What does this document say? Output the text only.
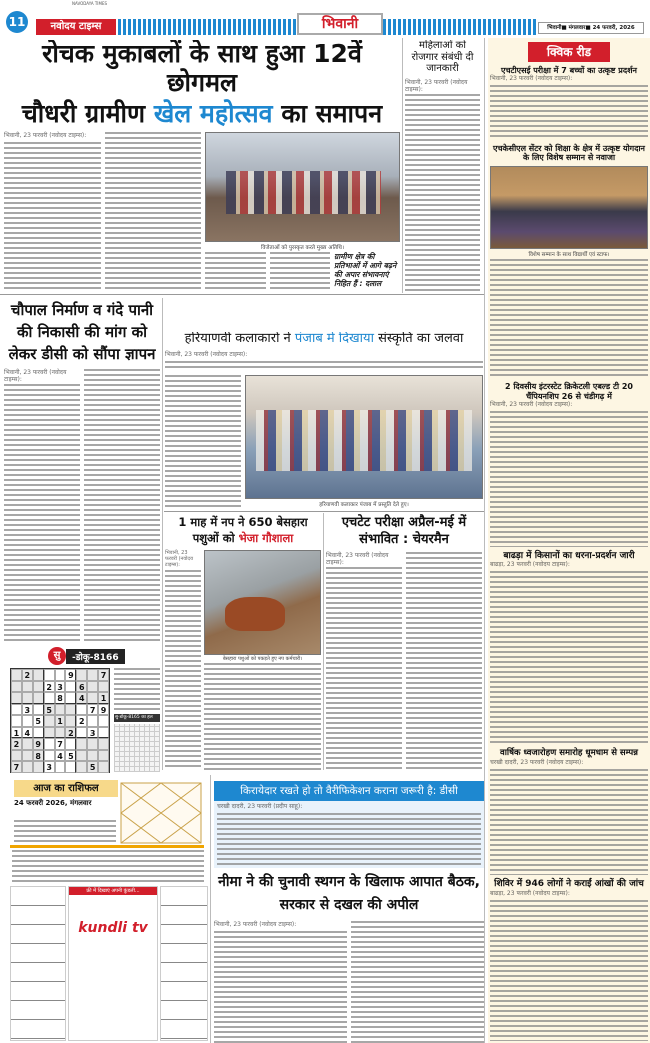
11
NAVODAYA TIMES
नवोदय टाइम्स	भिवानी	भिवानी■ मंगलवार■ 24 फरवरी, 2026
रोचक मुकाबलों के साथ हुआ 12वें छोगमल
चौधरी ग्रामीण खेल महोत्सव का समापन
भिवानी, 23 फरवरी (नवोदय टाइम्स):
विजेताओं को पुरस्कृत करते मुख्य अतिथि।
ग्रामीण क्षेत्र की प्रतिभाओं में आगे बढ़ने की अपार संभावनाएं निहित हैं : दलाल
महिलाओं को रोजगार संबंधी दी जानकारी
भिवानी, 23 फरवरी (नवोदय टाइम्स):
क्विक रीड
एचटीएसई परीक्षा में 7 बच्चों का उत्कृष्ट प्रदर्शन
भिवानी, 23 फरवरी (नवोदय टाइम्स):
एचकेसीएल सेंटर को शिक्षा के क्षेत्र में उत्कृष्ट योगदान के लिए विशेष सम्मान से नवाजा
विशेष सम्मान के साथ विद्यार्थी एवं स्टाफ।
2 दिवसीय इंटरस्टेट क्रिकेटली एबल्ड टी 20 चैंपियनशिप 26 से चंडीगढ़ में
भिवानी, 23 फरवरी (नवोदय टाइम्स):
बाढड़ा में किसानों का धरना-प्रदर्शन जारी
बाढड़ा, 23 फरवरी (नवोदय टाइम्स):
वार्षिक ध्वजारोहण समारोह धूमधाम से सम्पन्न
चरखी दादरी, 23 फरवरी (नवोदय टाइम्स):
शिविर में 946 लोगों ने कराईं आंखों की जांच
बाढड़ा, 23 फरवरी (नवोदय टाइम्स):
चौपाल निर्माण व गंदे पानी की निकासी की मांग को लेकर डीसी को सौंपा ज्ञापन
भिवानी, 23 फरवरी (नवोदय टाइम्स):
हरियाणवी कलाकारों ने पंजाब में दिखाया संस्कृति का जलवा
भिवानी, 23 फरवरी (नवोदय टाइम्स):
हरियाणवी कलाकार पंजाब में प्रस्तुति देते हुए।
1 माह में नप ने 650 बेसहारा पशुओं को भेजा गौशाला
भिवानी, 23 फरवरी (नवोदय टाइम्स):
बेसहारा पशुओं को पकड़ते हुए नप कर्मचारी।
एचटेट परीक्षा अप्रैल-मई में संभावित : चेयरमैन
भिवानी, 23 फरवरी (नवोदय टाइम्स):
सु	-डोकू-8166
2	9	7
2 3	6
8	4	1
3	5	7 9
5	1	2
1 4	2	3
2	9	7
8	4 5
7	3	5
सु-डोकू-8165 का हल
आज का राशिफल
24 फरवरी 2026, मंगलवार
फ्री में दिखाएं अपनी कुंडली...
kundli tv
किरायेदार रखते हो तो वैरीफिकेशन कराना जरूरी है: डीसी
चरखी दादरी, 23 फरवरी (प्रदीप साहू):
नीमा ने की चुनावी स्थगन के खिलाफ आपात बैठक, सरकार से दखल की अपील
भिवानी, 23 फरवरी (नवोदय टाइम्स):
